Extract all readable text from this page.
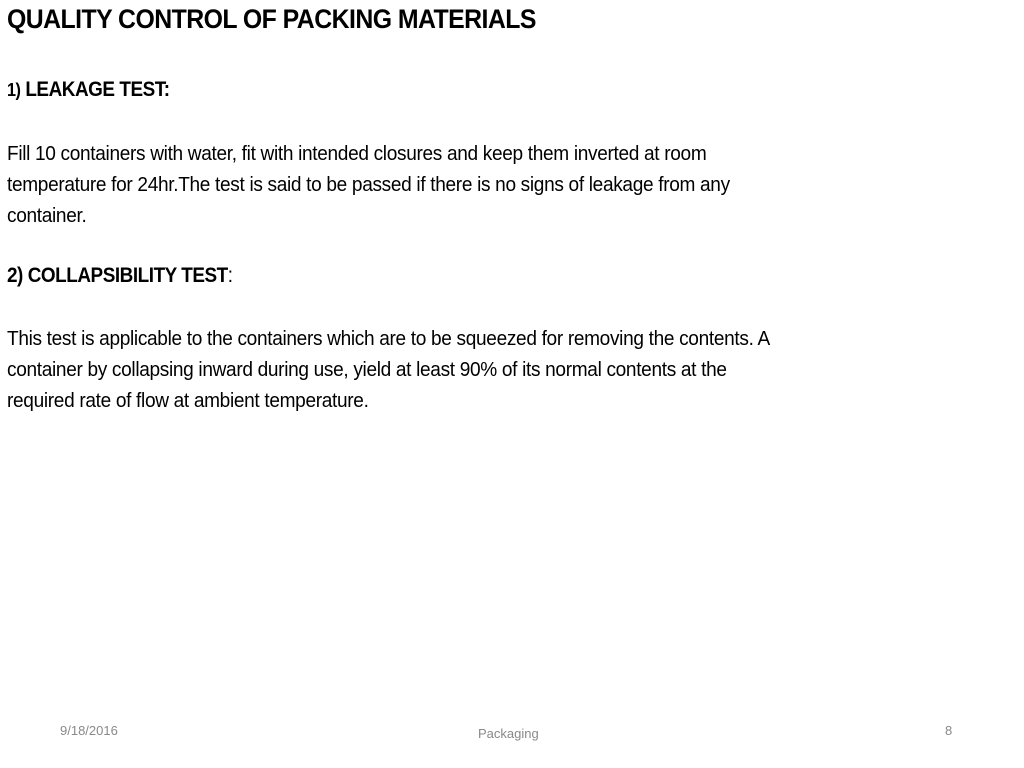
QUALITY CONTROL OF PACKING MATERIALS
1) LEAKAGE TEST:

Fill 10 containers with water, fit with intended closures and keep them inverted at room
temperature for 24hr.The test is said to be passed if there is no signs of leakage from any
container.

2) COLLAPSIBILITY TEST:

This test is applicable to the containers which are to be squeezed for removing the contents. A
container by collapsing inward during use, yield at least 90% of its normal contents at the
required rate of flow at ambient temperature.

9/18/2016	Packaging	8
